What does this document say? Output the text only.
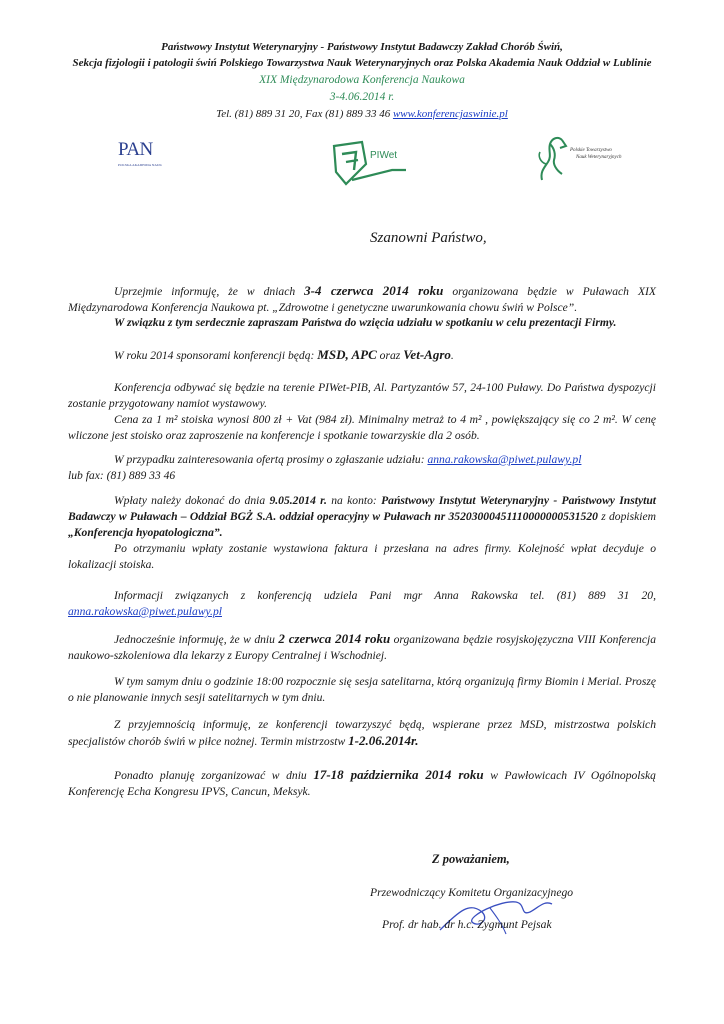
Państwowy Instytut Weterynaryjny - Państwowy Instytut Badawczy Zakład Chorób Świń,
Sekcja fizjologii i patologii świń Polskiego Towarzystwa Nauk Weterynaryjnych oraz Polska Akademia Nauk Oddział w Lublinie
XIX Międzynarodowa Konferencja Naukowa
3-4.06.2014 r.
Tel. (81) 889 31 20, Fax (81) 889 33 46 www.konferencjaswinie.pl
PAN
POLSKA AKADEMIA NAUK
PIWet	Polskie Towarzystwo
Nauk Weterynaryjnych
Szanowni Państwo,
Uprzejmie informuję, że w dniach 3-4 czerwca 2014 roku organizowana będzie w Puławach XIX Międzynarodowa Konferencja Naukowa pt. „Zdrowotne i genetyczne uwarunkowania chowu świń w Polsce”.
W związku z tym serdecznie zapraszam Państwa do wzięcia udziału w spotkaniu w celu prezentacji Firmy.
W roku 2014 sponsorami konferencji będą: MSD, APC oraz Vet-Agro.
Konferencja odbywać się będzie na terenie PIWet-PIB, Al. Partyzantów 57, 24-100 Puławy. Do Państwa dyspozycji zostanie przygotowany namiot wystawowy.
Cena za 1 m² stoiska wynosi 800 zł + Vat (984 zł). Minimalny metraż to 4 m² , powiększający się co 2 m². W cenę wliczone jest stoisko oraz zaproszenie na konferencje i spotkanie towarzyskie dla 2 osób.
W przypadku zainteresowania ofertą prosimy o zgłaszanie udziału: anna.rakowska@piwet.pulawy.pl
lub fax: (81) 889 33 46
Wpłaty należy dokonać do dnia 9.05.2014 r. na konto: Państwowy Instytut Weterynaryjny - Państwowy Instytut Badawczy w Puławach – Oddział BGŻ S.A. oddział operacyjny w Puławach nr 35203000451110000000531520 z dopiskiem „Konferencja hyopatologiczna”.
Po otrzymaniu wpłaty zostanie wystawiona faktura i przesłana na adres firmy. Kolejność wpłat decyduje o lokalizacji stoiska.
Informacji związanych z konferencją udziela Pani mgr Anna Rakowska tel. (81) 889 31 20, anna.rakowska@piwet.pulawy.pl
Jednocześnie informuję, że w dniu 2 czerwca 2014 roku organizowana będzie rosyjskojęzyczna VIII Konferencja naukowo-szkoleniowa dla lekarzy z Europy Centralnej i Wschodniej.
W tym samym dniu o godzinie 18:00 rozpocznie się sesja satelitarna, którą organizują firmy Biomin i Merial. Proszę o nie planowanie innych sesji satelitarnych w tym dniu.
Z przyjemnością informuję, ze konferencji towarzyszyć będą, wspierane przez MSD, mistrzostwa polskich specjalistów chorób świń w piłce nożnej. Termin mistrzostw 1-2.06.2014r.
Ponadto planuję zorganizować w dniu 17-18 października 2014 roku w Pawłowicach IV Ogólnopolską Konferencję Echa Kongresu IPVS, Cancun, Meksyk.
Z poważaniem,
Przewodniczący Komitetu Organizacyjnego
Prof. dr hab. dr h.c. Zygmunt Pejsak
